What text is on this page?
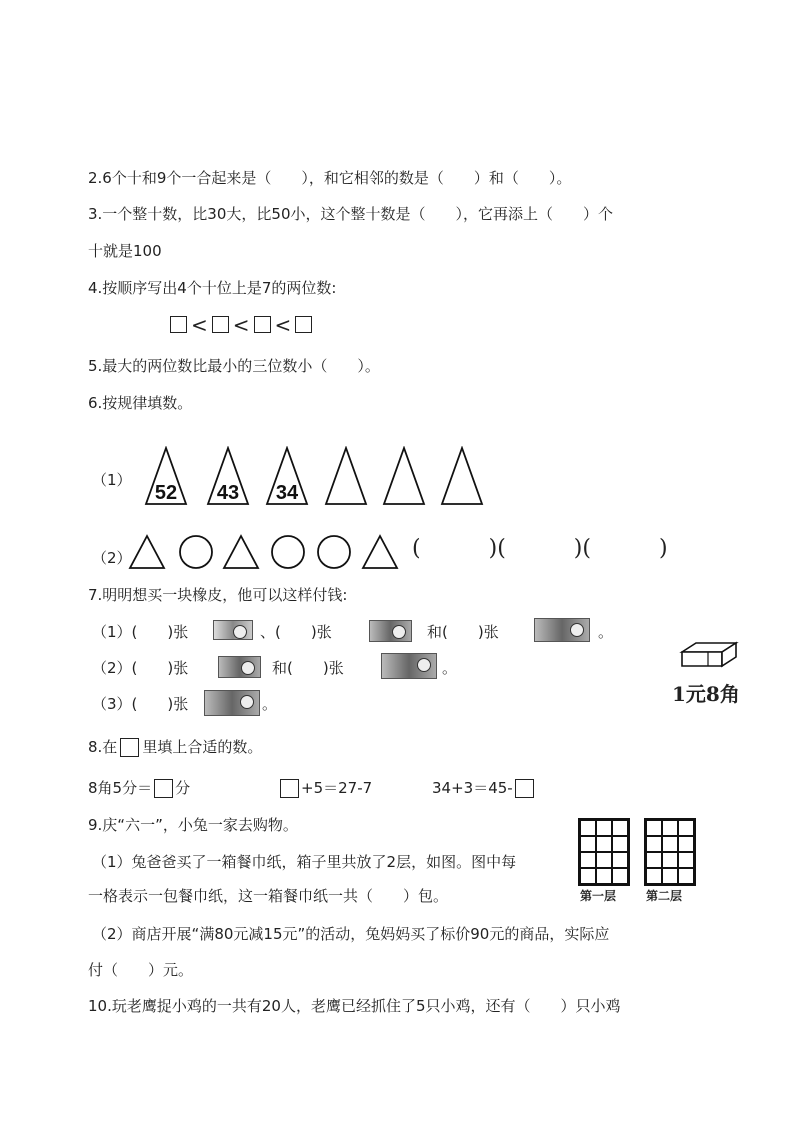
2.6个十和9个一合起来是（　　），和它相邻的数是（　　）和（　　）。
3.一个整十数，比30大，比50小，这个整十数是（　　），它再添上（　　）个
十就是100
4.按顺序写出4个十位上是7的两位数:
< < <
5.最大的两位数比最小的三位数小（　　）。
6.按规律填数。
（1）
52 43 34
（2）	(	)(	)(	)
7.明明想买一块橡皮，他可以这样付钱:
（1）(　　)张	、(　　)张	和(　　)张	。
（2）(　　)张	和(　　)张	。
（3）(　　)张	。	1元8角
8.在 里填上合适的数。
8角5分＝ 分	+5＝27-7	34+3＝45-
9.庆“六一”，小兔一家去购物。
（1）兔爸爸买了一箱餐巾纸，箱子里共放了2层，如图。图中每
一格表示一包餐巾纸，这一箱餐巾纸一共（　　）包。	第一层 第二层
（2）商店开展“满80元减15元”的活动，兔妈妈买了标价90元的商品，实际应
付（　　）元。
10.玩老鹰捉小鸡的一共有20人，老鹰已经抓住了5只小鸡，还有（　　）只小鸡
